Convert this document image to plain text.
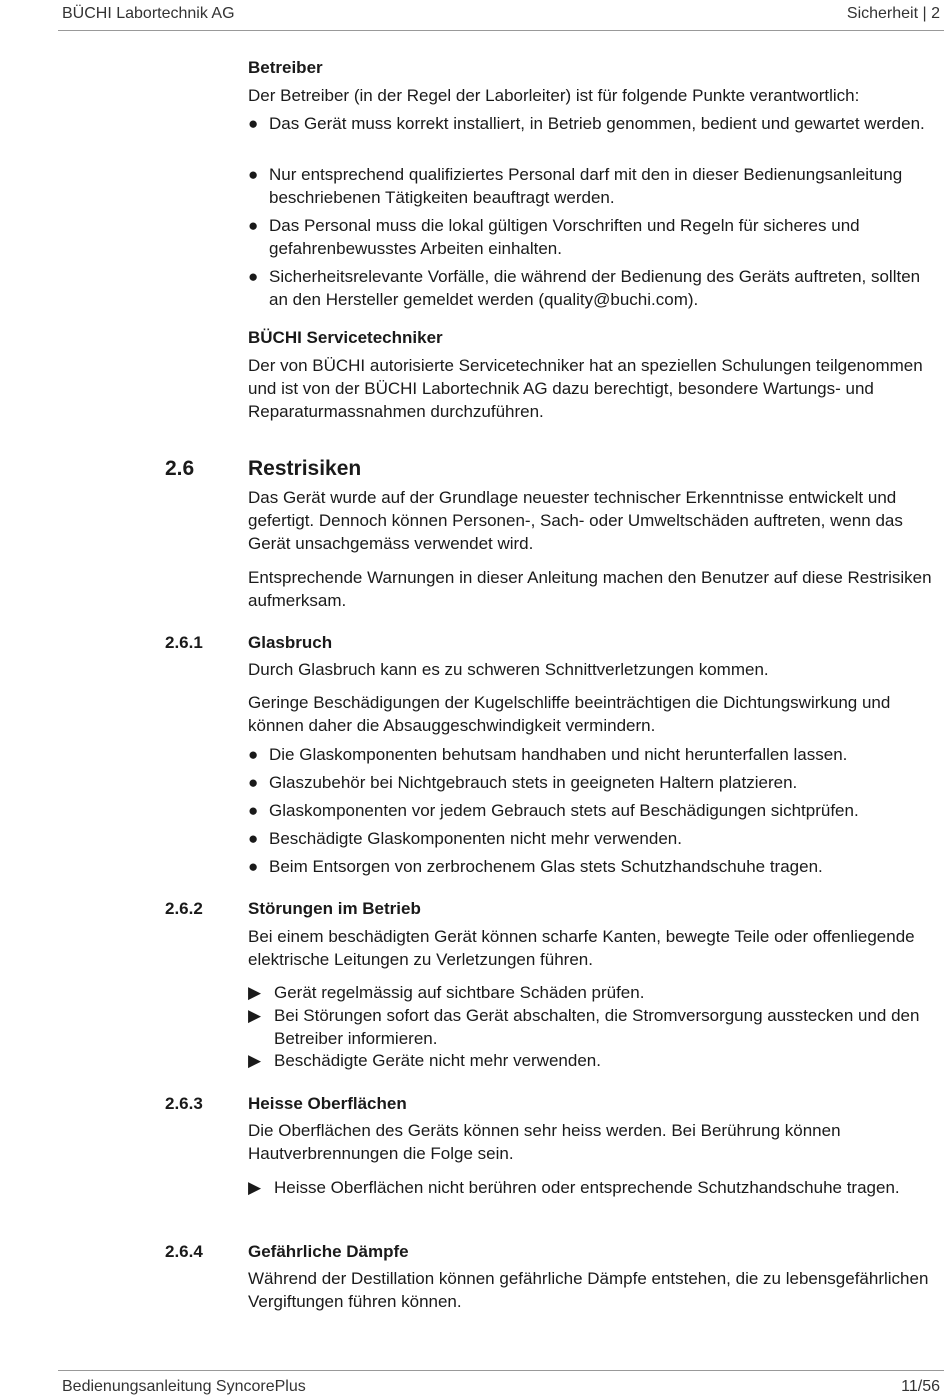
BÜCHI Labortechnik AG	Sicherheit | 2

Betreiber

Der Betreiber (in der Regel der Laborleiter) ist für folgende Punkte verantwortlich:

● Das Gerät muss korrekt installiert, in Betrieb genommen, bedient und gewartet werden.
● Nur entsprechend qualifiziertes Personal darf mit den in dieser Bedienungsanleitung beschriebenen Tätigkeiten beauftragt werden.
● Das Personal muss die lokal gültigen Vorschriften und Regeln für sicheres und gefahrenbewusstes Arbeiten einhalten.
● Sicherheitsrelevante Vorfälle, die während der Bedienung des Geräts auftreten, sollten an den Hersteller gemeldet werden (quality@buchi.com).

BÜCHI Servicetechniker

Der von BÜCHI autorisierte Servicetechniker hat an speziellen Schulungen teilgenommen und ist von der BÜCHI Labortechnik AG dazu berechtigt, besondere Wartungs- und Reparaturmassnahmen durchzuführen.

2.6	Restrisiken

Das Gerät wurde auf der Grundlage neuester technischer Erkenntnisse entwickelt und gefertigt. Dennoch können Personen-, Sach- oder Umweltschäden auftreten, wenn das Gerät unsachgemäss verwendet wird.

Entsprechende Warnungen in dieser Anleitung machen den Benutzer auf diese Restrisiken aufmerksam.

2.6.1	Glasbruch

Durch Glasbruch kann es zu schweren Schnittverletzungen kommen.

Geringe Beschädigungen der Kugelschliffe beeinträchtigen die Dichtungswirkung und können daher die Absauggeschwindigkeit vermindern.

● Die Glaskomponenten behutsam handhaben und nicht herunterfallen lassen.
● Glaszubehör bei Nichtgebrauch stets in geeigneten Haltern platzieren.
● Glaskomponenten vor jedem Gebrauch stets auf Beschädigungen sichtprüfen.
● Beschädigte Glaskomponenten nicht mehr verwenden.
● Beim Entsorgen von zerbrochenem Glas stets Schutzhandschuhe tragen.
2.6.2	Störungen im Betrieb

Bei einem beschädigten Gerät können scharfe Kanten, bewegte Teile oder offenliegende elektrische Leitungen zu Verletzungen führen.

▶ Gerät regelmässig auf sichtbare Schäden prüfen.
▶ Bei Störungen sofort das Gerät abschalten, die Stromversorgung ausstecken und den Betreiber informieren.
▶ Beschädigte Geräte nicht mehr verwenden.
2.6.3	Heisse Oberflächen

Die Oberflächen des Geräts können sehr heiss werden. Bei Berührung können Hautverbrennungen die Folge sein.

▶ Heisse Oberflächen nicht berühren oder entsprechende Schutzhandschuhe tragen.
2.6.4	Gefährliche Dämpfe

Während der Destillation können gefährliche Dämpfe entstehen, die zu lebensgefährlichen Vergiftungen führen können.

Bedienungsanleitung SyncorePlus	11/56
